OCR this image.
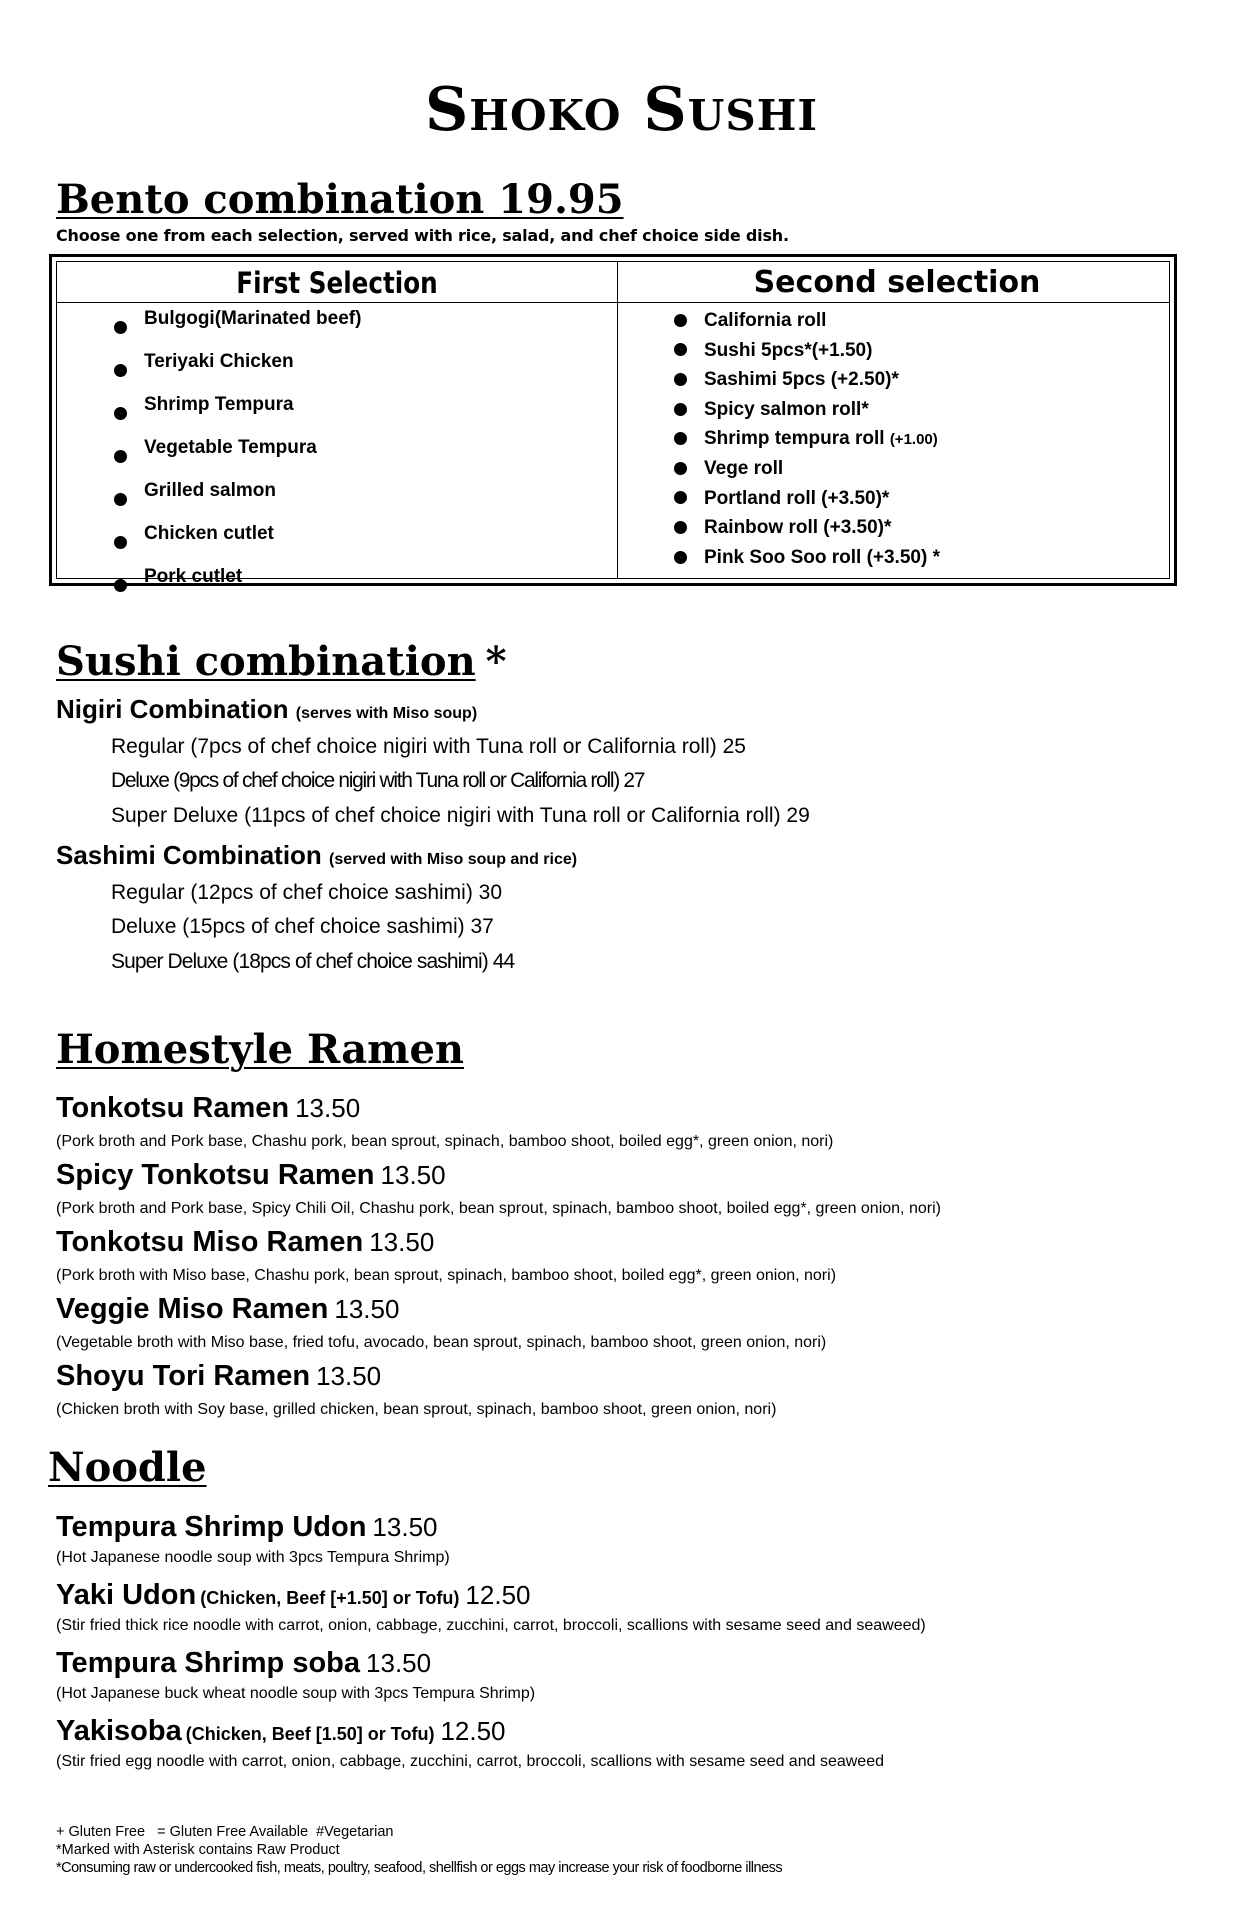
Shoko Sushi
Bento combination 19.95
Choose one from each selection, served with rice, salad, and chef choice side dish.
First Selection	Second selection
Bulgogi(Marinated beef)
Teriyaki Chicken
Shrimp Tempura
Vegetable Tempura
Grilled salmon
Chicken cutlet
Pork cutlet
California roll
Sushi 5pcs*(+1.50)
Sashimi 5pcs (+2.50)*
Spicy salmon roll*
Shrimp tempura roll (+1.00)
Vege roll
Portland roll (+3.50)*
Rainbow roll (+3.50)*
Pink Soo Soo roll (+3.50) *
Sushi combination *
Nigiri Combination (serves with Miso soup)
Regular (7pcs of chef choice nigiri with Tuna roll or California roll) 25
Deluxe (9pcs of chef choice nigiri with Tuna roll or California roll) 27
Super Deluxe (11pcs of chef choice nigiri with Tuna roll or California roll) 29
Sashimi Combination (served with Miso soup and rice)
Regular (12pcs of chef choice sashimi) 30
Deluxe (15pcs of chef choice sashimi) 37
Super Deluxe (18pcs of chef choice sashimi) 44
Homestyle Ramen
Tonkotsu Ramen 13.50
(Pork broth and Pork base, Chashu pork, bean sprout, spinach, bamboo shoot, boiled egg*, green onion, nori)
Spicy Tonkotsu Ramen 13.50
(Pork broth and Pork base, Spicy Chili Oil, Chashu pork, bean sprout, spinach, bamboo shoot, boiled egg*, green onion, nori)
Tonkotsu Miso Ramen 13.50
(Pork broth with Miso base, Chashu pork, bean sprout, spinach, bamboo shoot, boiled egg*, green onion, nori)
Veggie Miso Ramen 13.50
(Vegetable broth with Miso base, fried tofu, avocado, bean sprout, spinach, bamboo shoot, green onion, nori)
Shoyu Tori Ramen 13.50
(Chicken broth with Soy base, grilled chicken, bean sprout, spinach, bamboo shoot, green onion, nori)
Noodle
Tempura Shrimp Udon 13.50
(Hot Japanese noodle soup with 3pcs Tempura Shrimp)
Yaki Udon (Chicken, Beef [+1.50] or Tofu) 12.50
(Stir fried thick rice noodle with carrot, onion, cabbage, zucchini, carrot, broccoli, scallions with sesame seed and seaweed)
Tempura Shrimp soba 13.50
(Hot Japanese buck wheat noodle soup with 3pcs Tempura Shrimp)
Yakisoba (Chicken, Beef [1.50] or Tofu) 12.50
(Stir fried egg noodle with carrot, onion, cabbage, zucchini, carrot, broccoli, scallions with sesame seed and seaweed
+ Gluten Free   = Gluten Free Available  #Vegetarian
*Marked with Asterisk contains Raw Product
*Consuming raw or undercooked fish, meats, poultry, seafood, shellfish or eggs may increase your risk of foodborne illness
